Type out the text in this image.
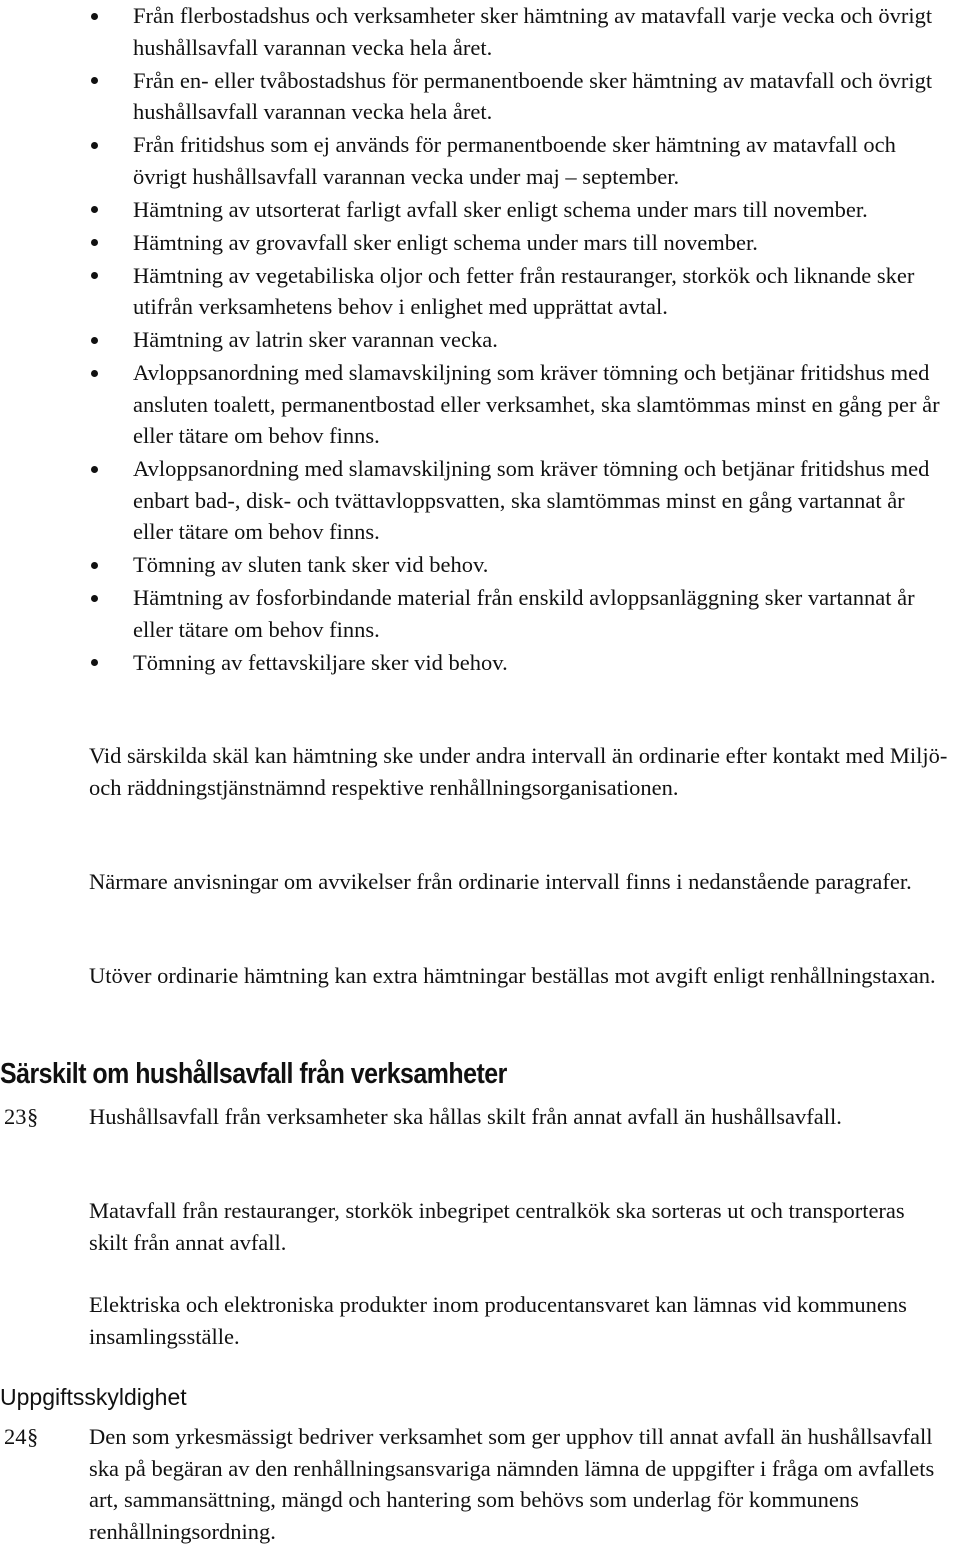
Från flerbostadshus och verksamheter sker hämtning av matavfall varje vecka och övrigt hushållsavfall varannan vecka hela året.
Från en- eller tvåbostadshus för permanentboende sker hämtning av matavfall och övrigt hushållsavfall varannan vecka hela året.
Från fritidshus som ej används för permanentboende sker hämtning av matavfall och övrigt hushållsavfall varannan vecka under maj – september.
Hämtning av utsorterat farligt avfall sker enligt schema under mars till november.
Hämtning av grovavfall sker enligt schema under mars till november.
Hämtning av vegetabiliska oljor och fetter från restauranger, storkök och liknande sker utifrån verksamhetens behov i enlighet med upprättat avtal.
Hämtning av latrin sker varannan vecka.
Avloppsanordning med slamavskiljning som kräver tömning och betjänar fritidshus med ansluten toalett, permanentbostad eller verksamhet, ska slamtömmas minst en gång per år eller tätare om behov finns.
Avloppsanordning med slamavskiljning som kräver tömning och betjänar fritidshus med enbart bad-, disk- och tvättavloppsvatten, ska slamtömmas minst en gång vartannat år eller tätare om behov finns.
Tömning av sluten tank sker vid behov.
Hämtning av fosforbindande material från enskild avloppsanläggning sker vartannat år eller tätare om behov finns.
Tömning av fettavskiljare sker vid behov.

Vid särskilda skäl kan hämtning ske under andra intervall än ordinarie efter kontakt med Miljö- och räddningstjänstnämnd respektive renhållningsorganisationen.

Närmare anvisningar om avvikelser från ordinarie intervall finns i nedanstående paragrafer.

Utöver ordinarie hämtning kan extra hämtningar beställas mot avgift enligt renhållningstaxan.

Särskilt om hushållsavfall från verksamheter
23 § Hushållsavfall från verksamheter ska hållas skilt från annat avfall än hushållsavfall.

Matavfall från restauranger, storkök inbegripet centralkök ska sorteras ut och transporteras skilt från annat avfall.

Elektriska och elektroniska produkter inom producentansvaret kan lämnas vid kommunens insamlingsställe.

Uppgiftsskyldighet
24 § Den som yrkesmässigt bedriver verksamhet som ger upphov till annat avfall än hushållsavfall ska på begäran av den renhållningsansvariga nämnden lämna de uppgifter i fråga om avfallets art, sammansättning, mängd och hantering som behövs som underlag för kommunens renhållningsordning.
